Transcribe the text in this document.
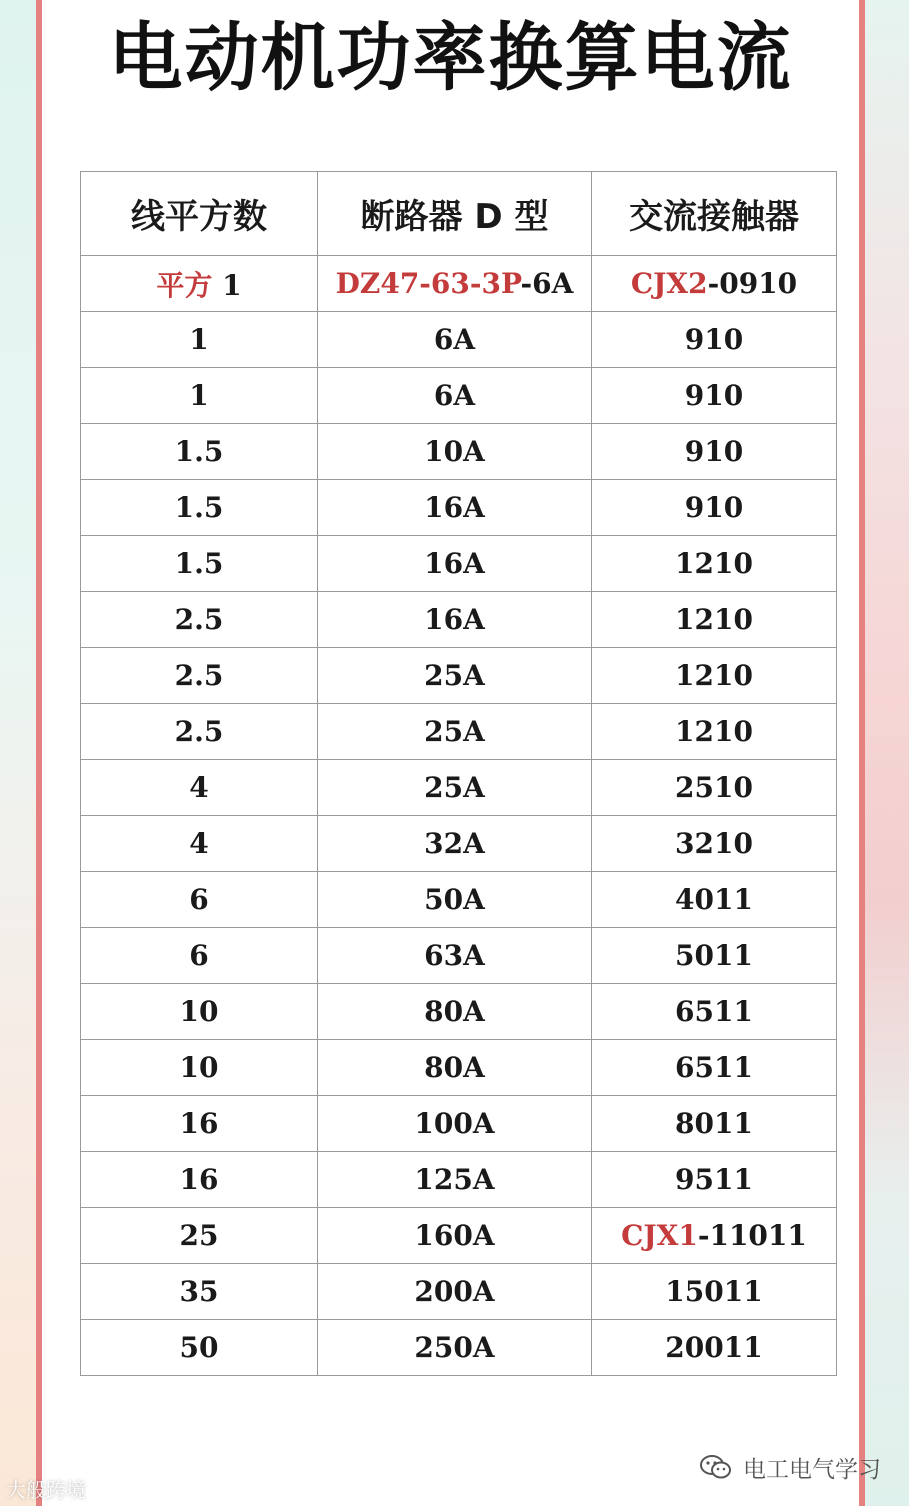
电动机功率换算电流
线平方数	断路器 D 型	交流接触器
平方 1	DZ47-63-3P-6A	CJX2-0910
1	6A	910
1	6A	910
1.5	10A	910
1.5	16A	910
1.5	16A	1210
2.5	16A	1210
2.5	25A	1210
2.5	25A	1210
4	25A	2510
4	32A	3210
6	50A	4011
6	63A	5011
10	80A	6511
10	80A	6511
16	100A	8011
16	125A	9511
25	160A	CJX1-11011
35	200A	15011
50	250A	20011
大般跨境
电工电气学习
